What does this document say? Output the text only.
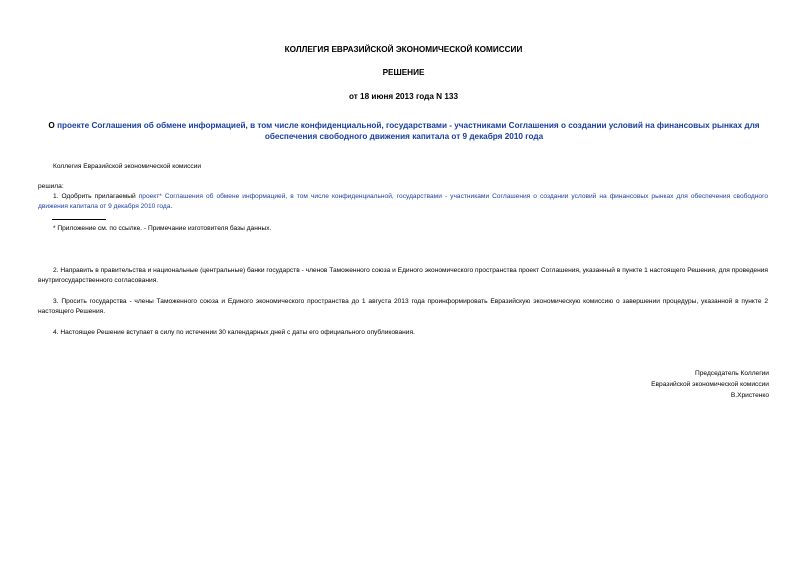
КОЛЛЕГИЯ ЕВРАЗИЙСКОЙ ЭКОНОМИЧЕСКОЙ КОМИССИИ

РЕШЕНИЕ

от 18 июня 2013 года N 133

О проекте Соглашения об обмене информацией, в том числе конфиденциальной, государствами - участниками Соглашения о создании условий на финансовых рынках для обеспечения свободного движения капитала от 9 декабря 2010 года

Коллегия Евразийской экономической комиссии

решила:

1. Одобрить прилагаемый проект* Соглашения об обмене информацией, в том числе конфиденциальной, государствами - участниками Соглашения о создании условий на финансовых рынках для обеспечения свободного движения капитала от 9 декабря 2010 года.

* Приложение см. по ссылке. - Примечание изготовителя базы данных.

2. Направить в правительства и национальные (центральные) банки государств - членов Таможенного союза и Единого экономического пространства проект Соглашения, указанный в пункте 1 настоящего Решения, для проведения внутригосударственного согласования.

3. Просить государства - члены Таможенного союза и Единого экономического пространства до 1 августа 2013 года проинформировать Евразийскую экономическую комиссию о завершении процедуры, указанной в пункте 2 настоящего Решения.

4. Настоящее Решение вступает в силу по истечении 30 календарных дней с даты его официального опубликования.

Председатель Коллегии
Евразийской экономической комиссии
В.Христенко
